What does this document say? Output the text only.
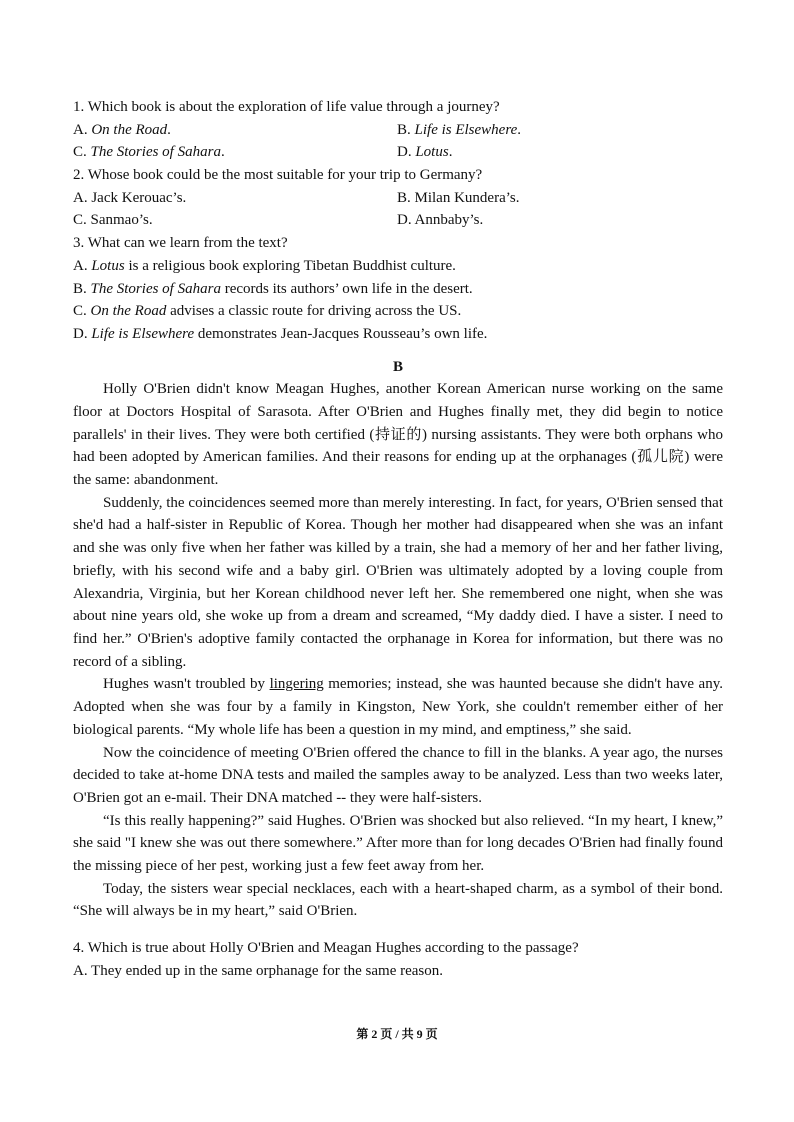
1. Which book is about the exploration of life value through a journey?
A. On the Road.	B. Life is Elsewhere.
C. The Stories of Sahara.	D. Lotus.
2. Whose book could be the most suitable for your trip to Germany?
A. Jack Kerouac’s.	B. Milan Kundera’s.
C. Sanmao’s.	D. Annbaby’s.
3. What can we learn from the text?
A. Lotus is a religious book exploring Tibetan Buddhist culture.
B. The Stories of Sahara records its authors’ own life in the desert.
C. On the Road advises a classic route for driving across the US.
D. Life is Elsewhere demonstrates Jean-Jacques Rousseau’s own life.
B

Holly O'Brien didn't know Meagan Hughes, another Korean American nurse working on the same floor at Doctors Hospital of Sarasota. After O'Brien and Hughes finally met, they did begin to notice parallels' in their lives. They were both certified (持证的) nursing assistants. They were both orphans who had been adopted by American families. And their reasons for ending up at the orphanages (孤儿院) were the same: abandonment.

Suddenly, the coincidences seemed more than merely interesting. In fact, for years, O'Brien sensed that she'd had a half-sister in Republic of Korea. Though her mother had disappeared when she was an infant and she was only five when her father was killed by a train, she had a memory of her and her father living, briefly, with his second wife and a baby girl. O'Brien was ultimately adopted by a loving couple from Alexandria, Virginia, but her Korean childhood never left her. She remembered one night, when she was about nine years old, she woke up from a dream and screamed, “My daddy died. I have a sister. I need to find her.” O'Brien's adoptive family contacted the orphanage in Korea for information, but there was no record of a sibling.

Hughes wasn't troubled by lingering memories; instead, she was haunted because she didn't have any. Adopted when she was four by a family in Kingston, New York, she couldn't remember either of her biological parents. “My whole life has been a question in my mind, and emptiness,” she said.

Now the coincidence of meeting O'Brien offered the chance to fill in the blanks. A year ago, the nurses decided to take at-home DNA tests and mailed the samples away to be analyzed. Less than two weeks later, O'Brien got an e-mail. Their DNA matched -- they were half-sisters.

“Is this really happening?” said Hughes. O'Brien was shocked but also relieved. “In my heart, I knew,” she said "I knew she was out there somewhere.” After more than for long decades O'Brien had finally found the missing piece of her pest, working just a few feet away from her.

Today, the sisters wear special necklaces, each with a heart-shaped charm, as a symbol of their bond. “She will always be in my heart,” said O'Brien.

4. Which is true about Holly O'Brien and Meagan Hughes according to the passage?
A. They ended up in the same orphanage for the same reason.
第 2 页 / 共 9 页
